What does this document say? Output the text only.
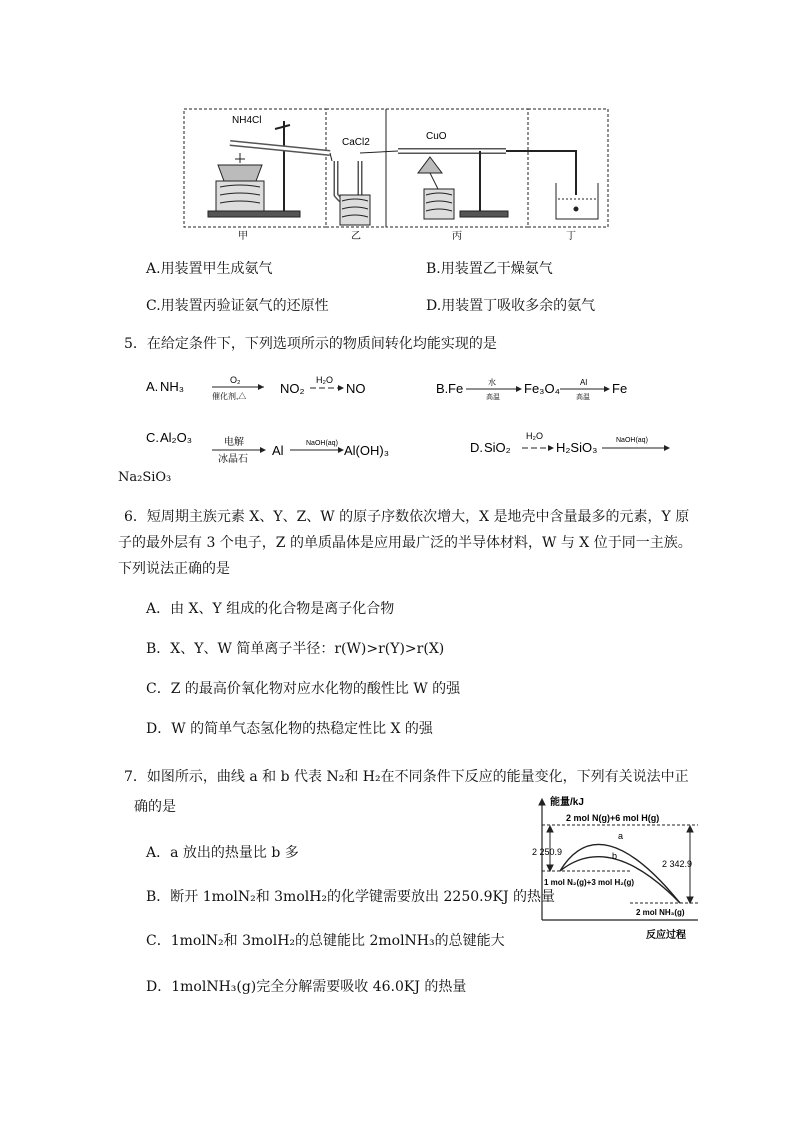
NH4Cl
CaCl2
CuO
甲	乙	丙	丁
A.用装置甲生成氨气	B.用装置乙干燥氨气
C.用装置丙验证氨气的还原性	D.用装置丁吸收多余的氨气
5．在给定条件下，下列选项所示的物质间转化均能实现的是
A. NH₃	O₂
催化剂,△
NO₂
H₂O
NO	B. Fe	水
高温
Fe₃O₄	Al
高温
Fe
C. Al₂O₃	电解
冰晶石
Al	NaOH(aq) Al(OH)₃	D. SiO₂
H₂O
H₂SiO₃	NaOH(aq)
Na₂SiO₃
6．短周期主族元素 X、Y、Z、W 的原子序数依次增大，X 是地壳中含量最多的元素，Y 原
子的最外层有 3 个电子，Z 的单质晶体是应用最广泛的半导体材料，W 与 X 位于同一主族。
下列说法正确的是
A．由 X、Y 组成的化合物是离子化合物
B．X、Y、W 简单离子半径：r(W)>r(Y)>r(X)
C．Z 的最高价氧化物对应水化物的酸性比 W 的强
D．W 的简单气态氢化物的热稳定性比 X 的强
7．如图所示，曲线 a 和 b 代表 N₂和 H₂在不同条件下反应的能量变化，下列有关说法中正
确的是
A．a 放出的热量比 b 多
B．断开 1molN₂和 3molH₂的化学键需要放出 2250.9KJ 的热量
C．1molN₂和 3molH₂的总键能比 2molNH₃的总键能大
D．1molNH₃(g)完全分解需要吸收 46.0KJ 的热量
能量/kJ
2 mol N(g)+6 mol H(g)
a
b
2 250.9
2 342.9
1 mol N₂(g)+3 mol H₂(g)
2 mol NH₃(g)
反应过程
